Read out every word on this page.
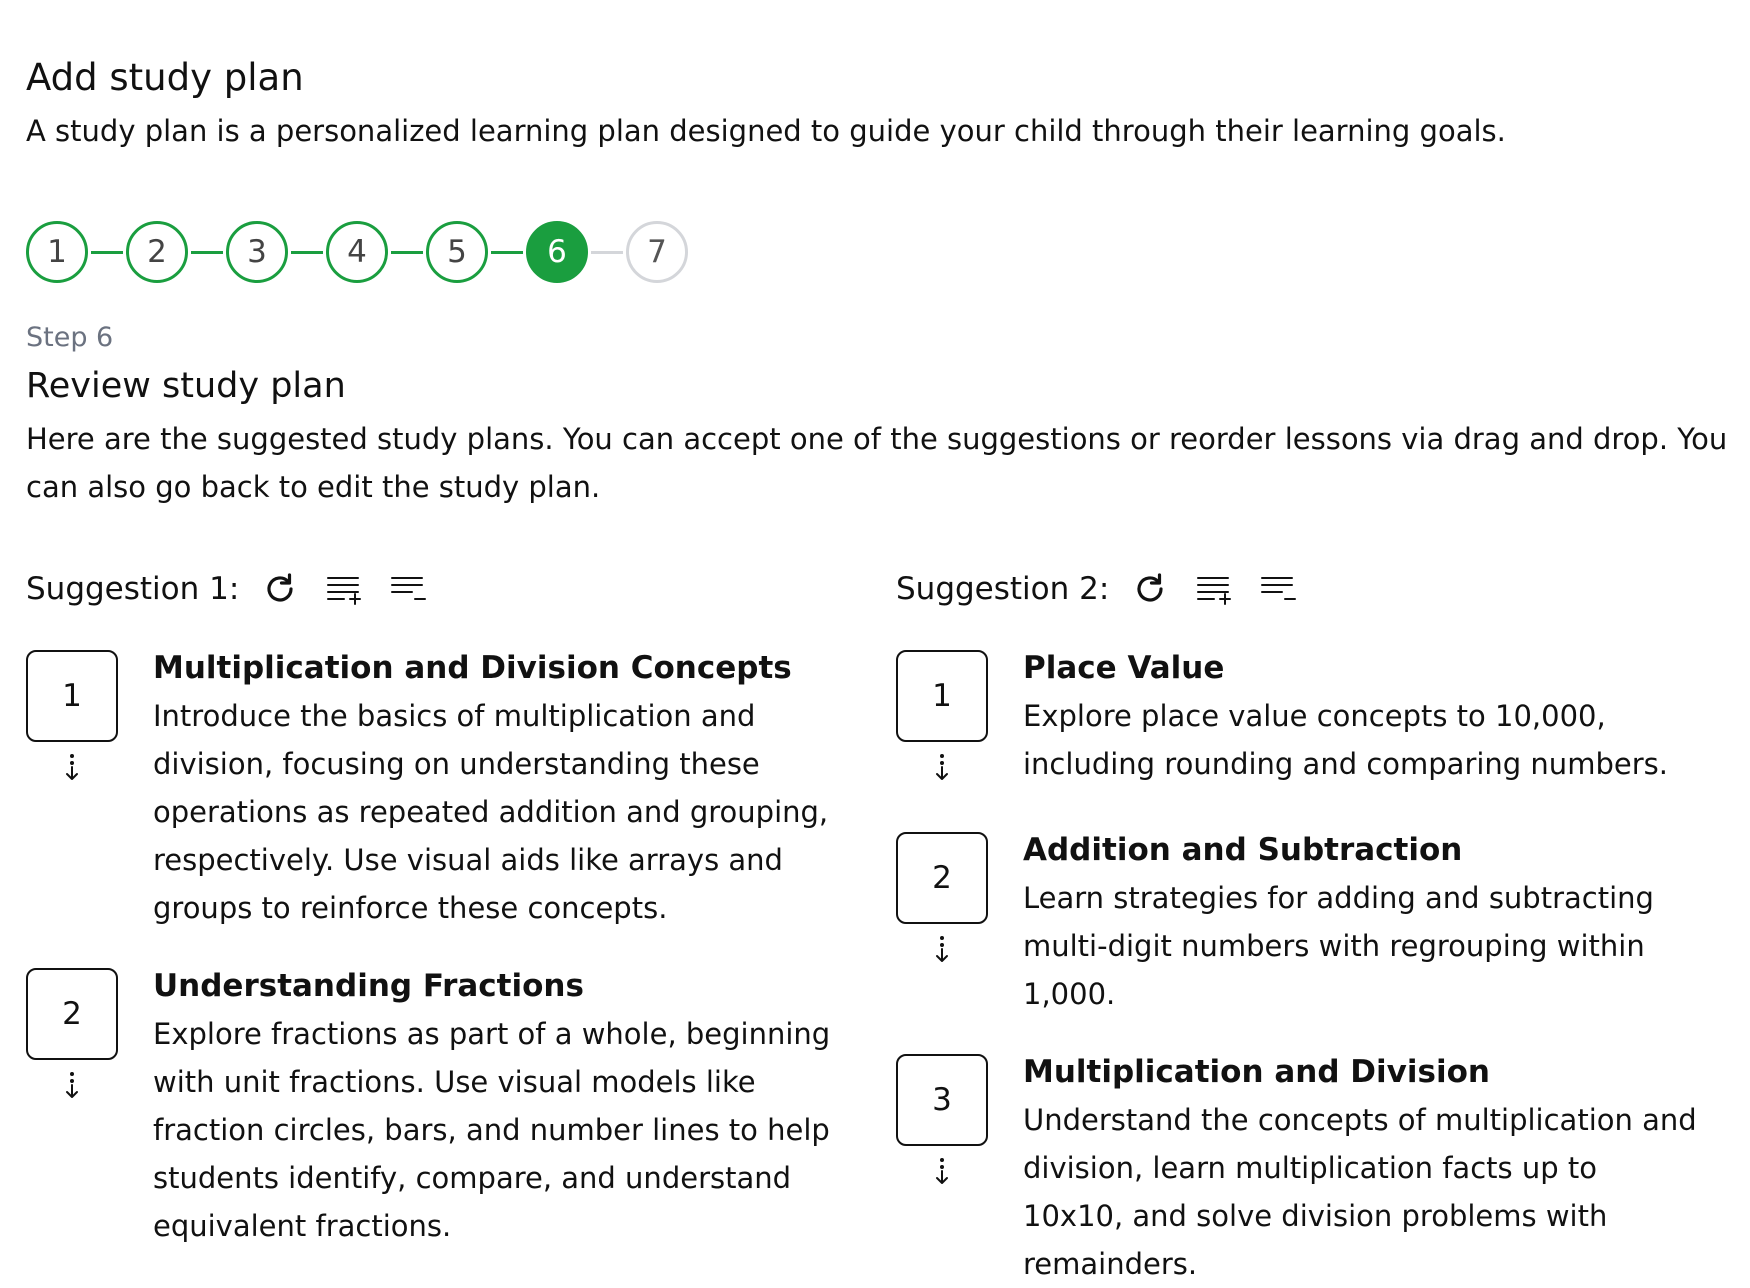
Add study plan
A study plan is a personalized learning plan designed to guide your child through their learning goals.
1	2	3	4	5	6	7
Step 6
Review study plan
Here are the suggested study plans. You can accept one of the suggestions or reorder lessons via drag and drop. You can also go back to edit the study plan.
Suggestion 1:
1
Multiplication and Division Concepts
Introduce the basics of multiplication and division, focusing on understanding these operations as repeated addition and grouping, respectively. Use visual aids like arrays and groups to reinforce these concepts.
2
Understanding Fractions
Explore fractions as part of a whole, beginning with unit fractions. Use visual models like fraction circles, bars, and number lines to help students identify, compare, and understand equivalent fractions.
Suggestion 2:
1
Place Value
Explore place value concepts to 10,000, including rounding and comparing numbers.
2
Addition and Subtraction
Learn strategies for adding and subtracting multi-digit numbers with regrouping within 1,000.
3
Multiplication and Division
Understand the concepts of multiplication and division, learn multiplication facts up to 10x10, and solve division problems with remainders.
